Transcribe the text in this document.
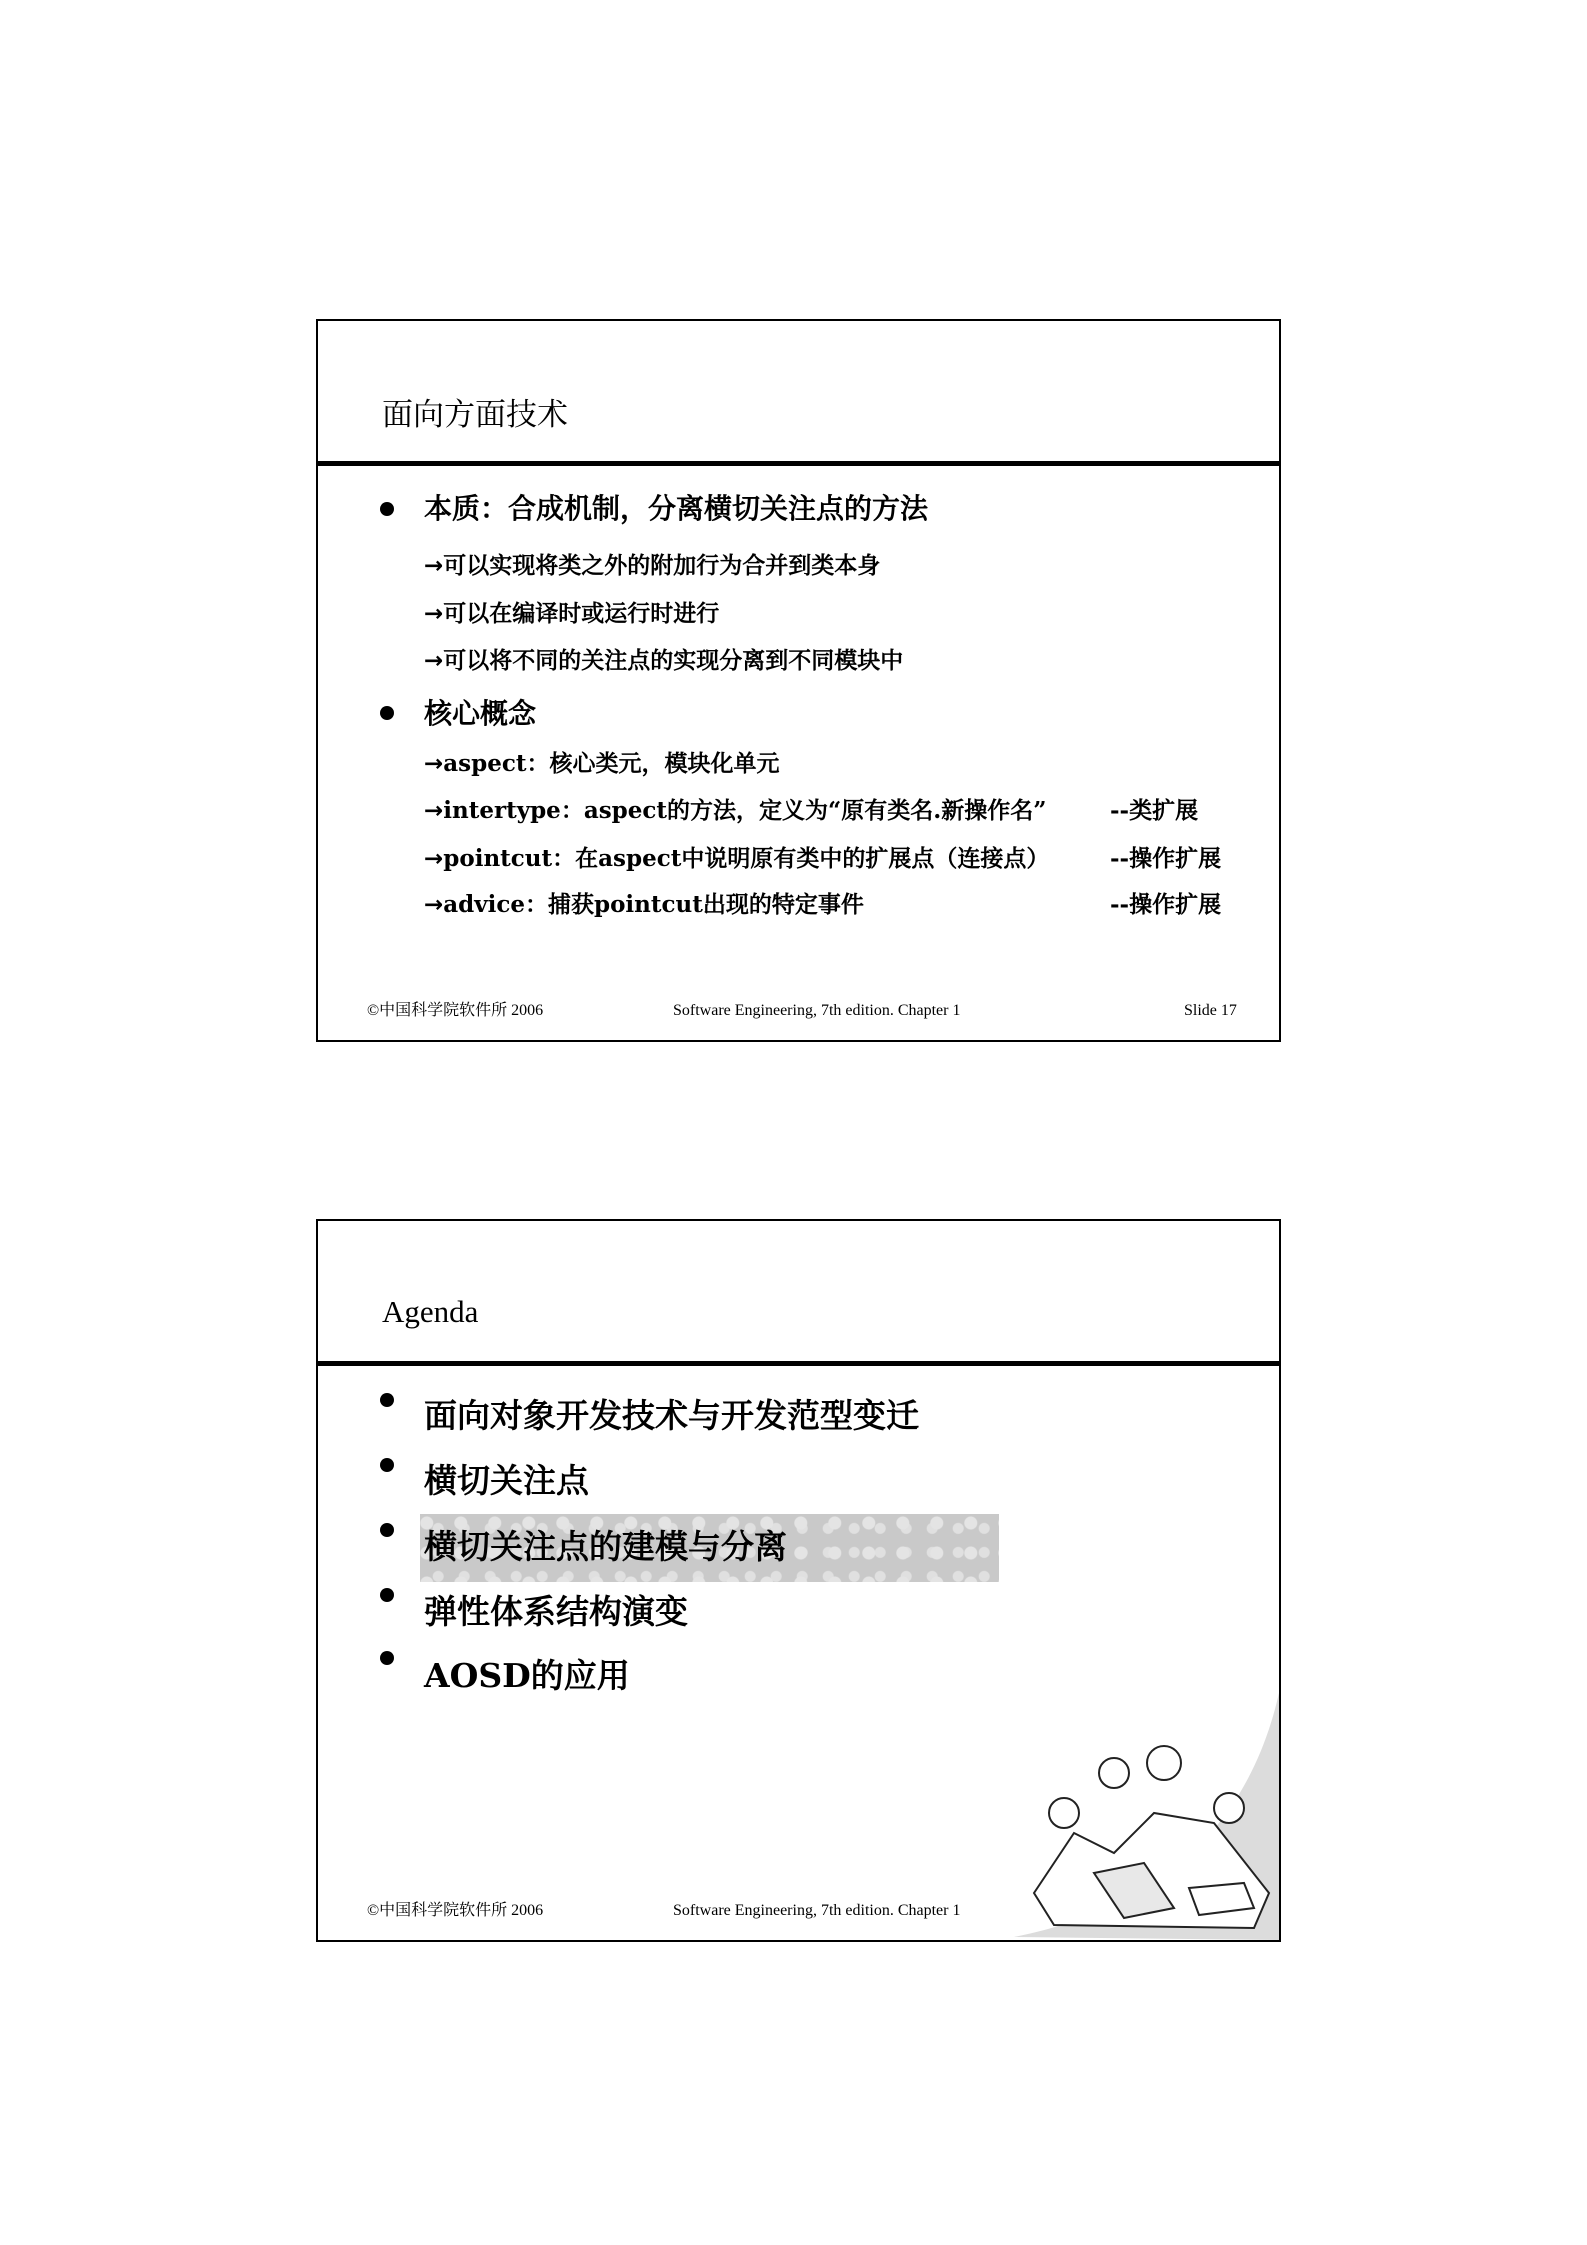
面向方面技术
本质：合成机制，分离横切关注点的方法
→可以实现将类之外的附加行为合并到类本身
→可以在编译时或运行时进行
→可以将不同的关注点的实现分离到不同模块中
核心概念
→aspect：核心类元，模块化单元
→intertype：aspect的方法，定义为“原有类名.新操作名”	--类扩展
→pointcut：在aspect中说明原有类中的扩展点（连接点）	--操作扩展
→advice：捕获pointcut出现的特定事件	--操作扩展
©中国科学院软件所 2006	Software Engineering, 7th edition. Chapter 1	Slide 17
Agenda
面向对象开发技术与开发范型变迁
横切关注点
横切关注点的建模与分离
弹性体系结构演变
AOSD的应用
©中国科学院软件所 2006	Software Engineering, 7th edition. Chapter 1
